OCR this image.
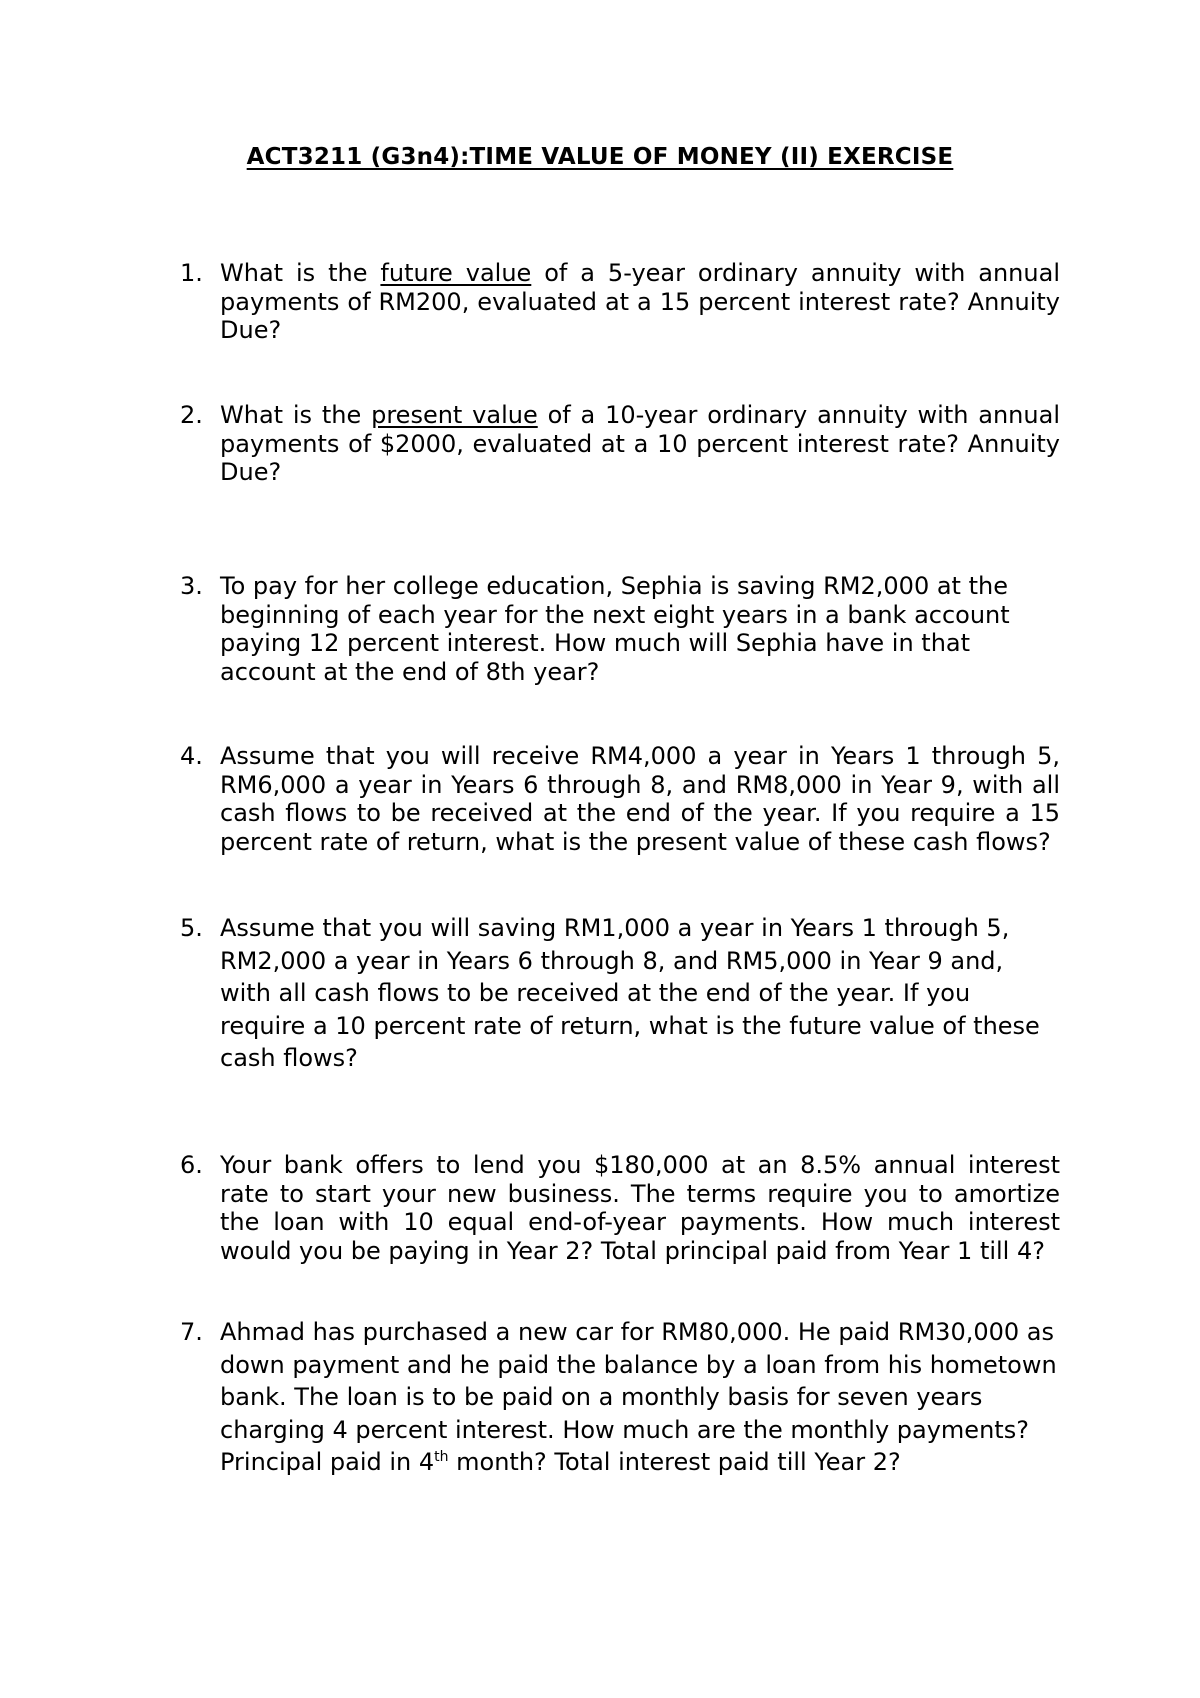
ACT3211 (G3n4):TIME VALUE OF MONEY (II) EXERCISE
1. What is the future value of a 5-year ordinary annuity with annual payments of RM200, evaluated at a 15 percent interest rate? Annuity Due?
2. What is the present value of a 10-year ordinary annuity with annual payments of $2000, evaluated at a 10 percent interest rate? Annuity Due?
3. To pay for her college education, Sephia is saving RM2,000 at the beginning of each year for the next eight years in a bank account paying 12 percent interest. How much will Sephia have in that account at the end of 8th year?
4. Assume that you will receive RM4,000 a year in Years 1 through 5, RM6,000 a year in Years 6 through 8, and RM8,000 in Year 9, with all cash flows to be received at the end of the year. If you require a 15 percent rate of return, what is the present value of these cash flows?
5. Assume that you will saving RM1,000 a year in Years 1 through 5, RM2,000 a year in Years 6 through 8, and RM5,000 in Year 9 and, with all cash flows to be received at the end of the year. If you require a 10 percent rate of return, what is the future value of these cash flows?
6. Your bank offers to lend you $180,000 at an 8.5% annual interest rate to start your new business. The terms require you to amortize the loan with 10 equal end-of-year payments. How much interest would you be paying in Year 2? Total principal paid from Year 1 till 4?
7. Ahmad has purchased a new car for RM80,000. He paid RM30,000 as down payment and he paid the balance by a loan from his hometown bank. The loan is to be paid on a monthly basis for seven years charging 4 percent interest. How much are the monthly payments? Principal paid in 4th month? Total interest paid till Year 2?
